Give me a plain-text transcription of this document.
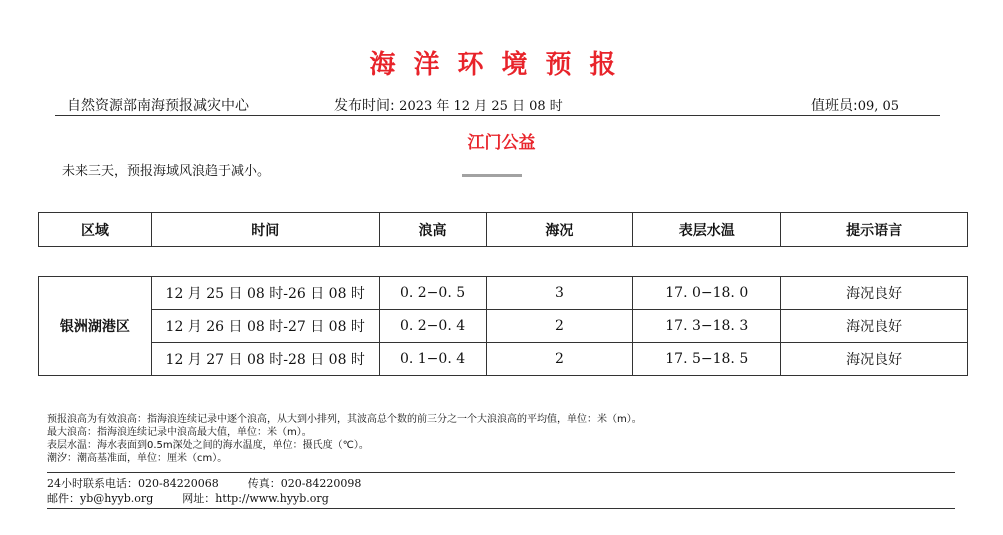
海洋环境预报
自然资源部南海预报减灾中心	发布时间: 2023 年 12 月 25 日 08 时	值班员:09, 05
江门公益
未来三天，预报海域风浪趋于减小。
区域	时间	浪高	海况	表层水温	提示语言
银洲湖港区	12 月 25 日 08 时-26 日 08 时	0. 2−0. 5	3	17. 0−18. 0	海况良好
	12 月 26 日 08 时-27 日 08 时	0. 2−0. 4	2	17. 3−18. 3	海况良好
	12 月 27 日 08 时-28 日 08 时	0. 1−0. 4	2	17. 5−18. 5	海况良好
预报浪高为有效浪高：指海浪连续记录中逐个浪高，从大到小排列，其波高总个数的前三分之一个大浪浪高的平均值，单位：米（m）。
最大浪高：指海浪连续记录中浪高最大值，单位：米（m）。
表层水温：海水表面到0.5m深处之间的海水温度，单位：摄氏度（℃）。
潮汐：潮高基准面，单位：厘米（cm）。
24小时联系电话：020-84220068	传真：020-84220098
邮件：yb@hyyb.org	网址：http://www.hyyb.org
